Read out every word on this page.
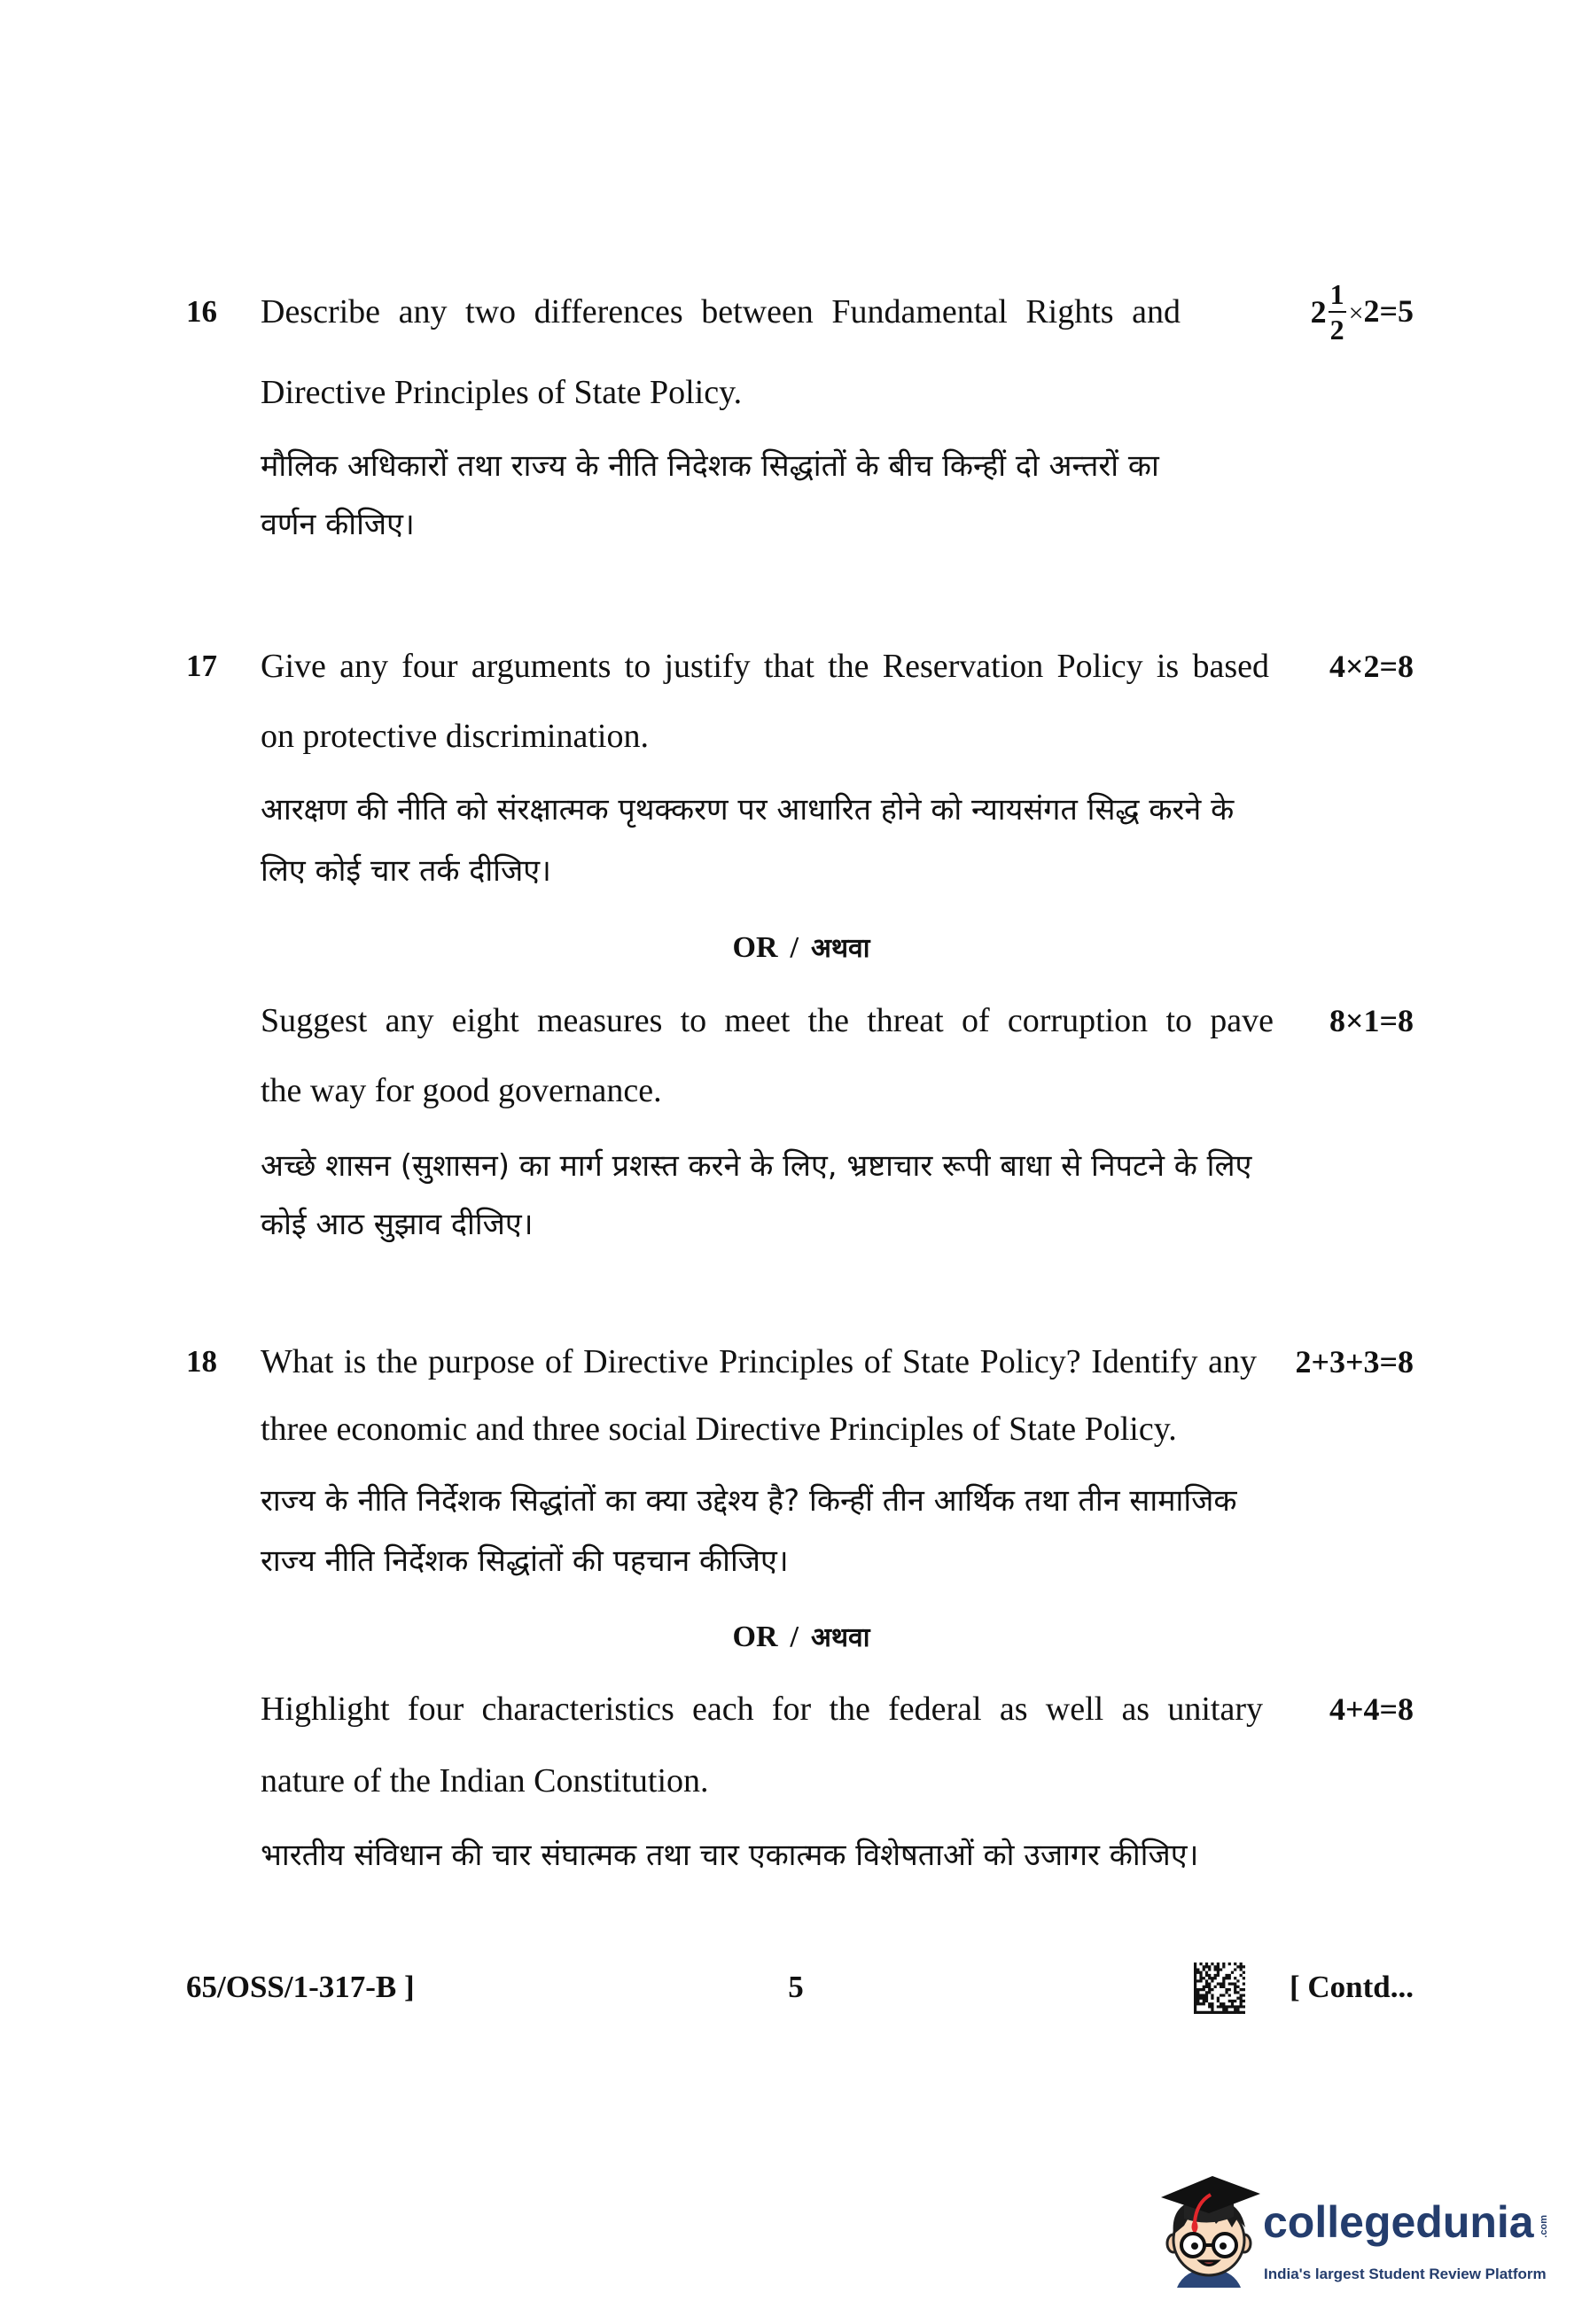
16 Describe any two differences between Fundamental Rights and
Directive Principles of State Policy.
मौलिक अधिकारों तथा राज्य के नीति निदेशक सिद्धांतों के बीच किन्हीं दो अन्तरों का
वर्णन कीजिए।
$2 \frac{1}{2} \times 2=5$
17 Give any four arguments to justify that the Reservation Policy is based
on protective discrimination.
आरक्षण की नीति को संरक्षात्मक पृथक्करण पर आधारित होने को न्यायसंगत सिद्ध करने के
लिए कोई चार तर्क दीजिए।
4×2=8
OR / अथवा
Suggest any eight measures to meet the threat of corruption to pave
the way for good governance.
अच्छे शासन (सुशासन) का मार्ग प्रशस्त करने के लिए, भ्रष्टाचार रूपी बाधा से निपटने के लिए
कोई आठ सुझाव दीजिए।
8×1=8
18 What is the purpose of Directive Principles of State Policy? Identify any
three economic and three social Directive Principles of State Policy.
राज्य के नीति निर्देशक सिद्धांतों का क्या उद्देश्य है? किन्हीं तीन आर्थिक तथा तीन सामाजिक
राज्य नीति निर्देशक सिद्धांतों की पहचान कीजिए।
2+3+3=8
OR / अथवा
Highlight four characteristics each for the federal as well as unitary
nature of the Indian Constitution.
भारतीय संविधान की चार संघात्मक तथा चार एकात्मक विशेषताओं को उजागर कीजिए।
4+4=8
65/OSS/1-317-B ]	5	[ Contd...
collegedunia .com
India's largest Student Review Platform
